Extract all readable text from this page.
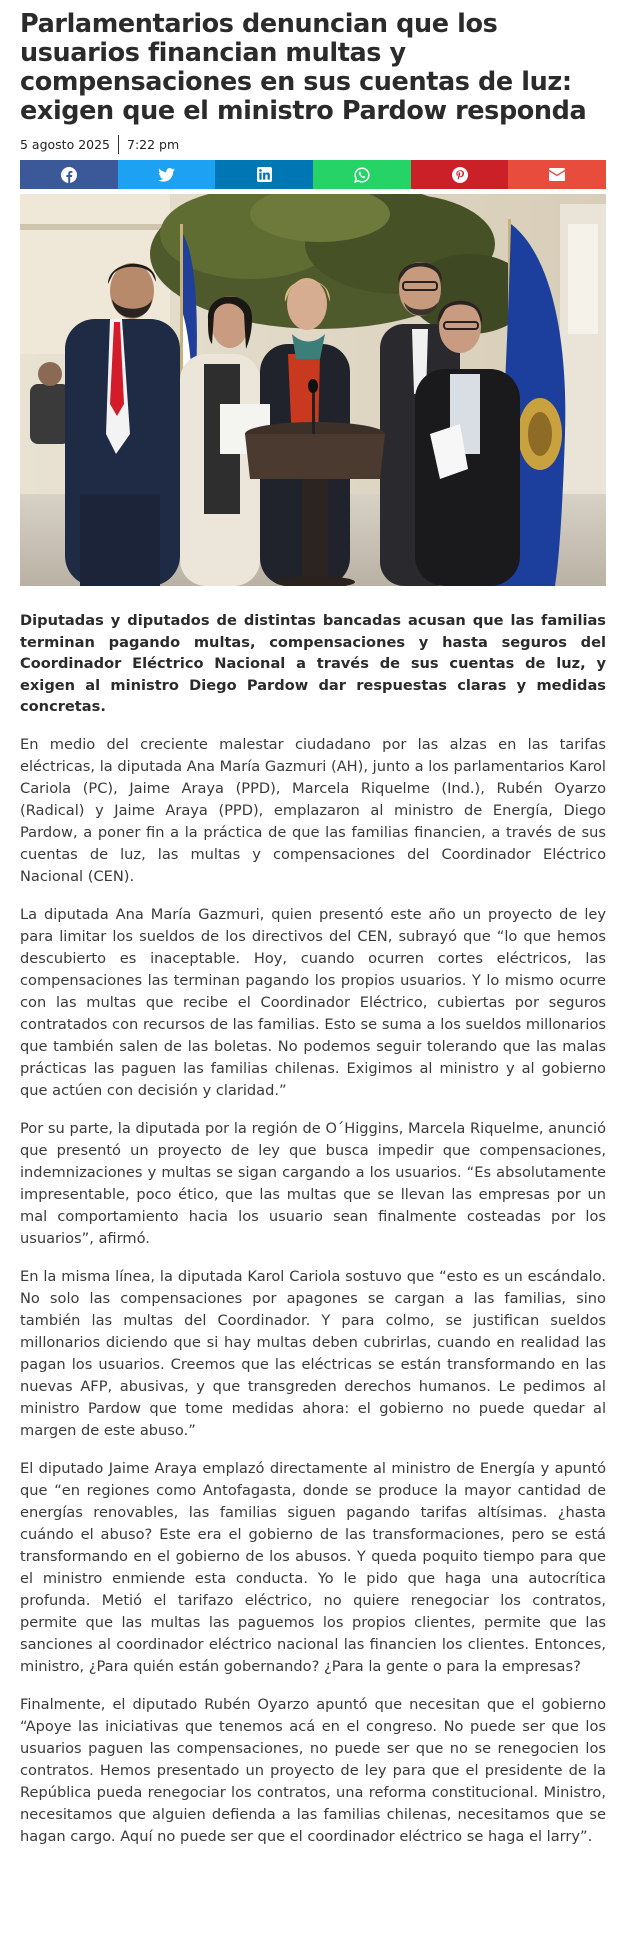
Parlamentarios denuncian que los usuarios financian multas y compensaciones en sus cuentas de luz: exigen que el ministro Pardow responda
5 agosto 2025 7:22 pm

Diputadas y diputados de distintas bancadas acusan que las familias terminan pagando multas, compensaciones y hasta seguros del Coordinador Eléctrico Nacional a través de sus cuentas de luz, y exigen al ministro Diego Pardow dar respuestas claras y medidas concretas.

En medio del creciente malestar ciudadano por las alzas en las tarifas eléctricas, la diputada Ana María Gazmuri (AH), junto a los parlamentarios Karol Cariola (PC), Jaime Araya (PPD), Marcela Riquelme (Ind.), Rubén Oyarzo (Radical) y Jaime Araya (PPD), emplazaron al ministro de Energía, Diego Pardow, a poner fin a la práctica de que las familias financien, a través de sus cuentas de luz, las multas y compensaciones del Coordinador Eléctrico Nacional (CEN).

La diputada Ana María Gazmuri, quien presentó este año un proyecto de ley para limitar los sueldos de los directivos del CEN, subrayó que “lo que hemos descubierto es inaceptable. Hoy, cuando ocurren cortes eléctricos, las compensaciones las terminan pagando los propios usuarios. Y lo mismo ocurre con las multas que recibe el Coordinador Eléctrico, cubiertas por seguros contratados con recursos de las familias. Esto se suma a los sueldos millonarios que también salen de las boletas. No podemos seguir tolerando que las malas prácticas las paguen las familias chilenas. Exigimos al ministro y al gobierno que actúen con decisión y claridad.”

Por su parte, la diputada por la región de O´Higgins, Marcela Riquelme, anunció que presentó un proyecto de ley que busca impedir que compensaciones, indemnizaciones y multas se sigan cargando a los usuarios. “Es absolutamente impresentable, poco ético, que las multas que se llevan las empresas por un mal comportamiento hacia los usuario sean finalmente costeadas por los usuarios”, afirmó.

En la misma línea, la diputada Karol Cariola sostuvo que “esto es un escándalo. No solo las compensaciones por apagones se cargan a las familias, sino también las multas del Coordinador. Y para colmo, se justifican sueldos millonarios diciendo que si hay multas deben cubrirlas, cuando en realidad las pagan los usuarios. Creemos que las eléctricas se están transformando en las nuevas AFP, abusivas, y que transgreden derechos humanos. Le pedimos al ministro Pardow que tome medidas ahora: el gobierno no puede quedar al margen de este abuso.”

El diputado Jaime Araya emplazó directamente al ministro de Energía y apuntó que “en regiones como Antofagasta, donde se produce la mayor cantidad de energías renovables, las familias siguen pagando tarifas altísimas. ¿hasta cuándo el abuso? Este era el gobierno de las transformaciones, pero se está transformando en el gobierno de los abusos. Y queda poquito tiempo para que el ministro enmiende esta conducta. Yo le pido que haga una autocrítica profunda. Metió el tarifazo eléctrico, no quiere renegociar los contratos, permite que las multas las paguemos los propios clientes, permite que las sanciones al coordinador eléctrico nacional las financien los clientes. Entonces, ministro, ¿Para quién están gobernando? ¿Para la gente o para la empresas?

Finalmente, el diputado Rubén Oyarzo apuntó que necesitan que el gobierno “Apoye las iniciativas que tenemos acá en el congreso. No puede ser que los usuarios paguen las compensaciones, no puede ser que no se renegocien los contratos. Hemos presentado un proyecto de ley para que el presidente de la República pueda renegociar los contratos, una reforma constitucional. Ministro, necesitamos que alguien defienda a las familias chilenas, necesitamos que se hagan cargo. Aquí no puede ser que el coordinador eléctrico se haga el larry”.
